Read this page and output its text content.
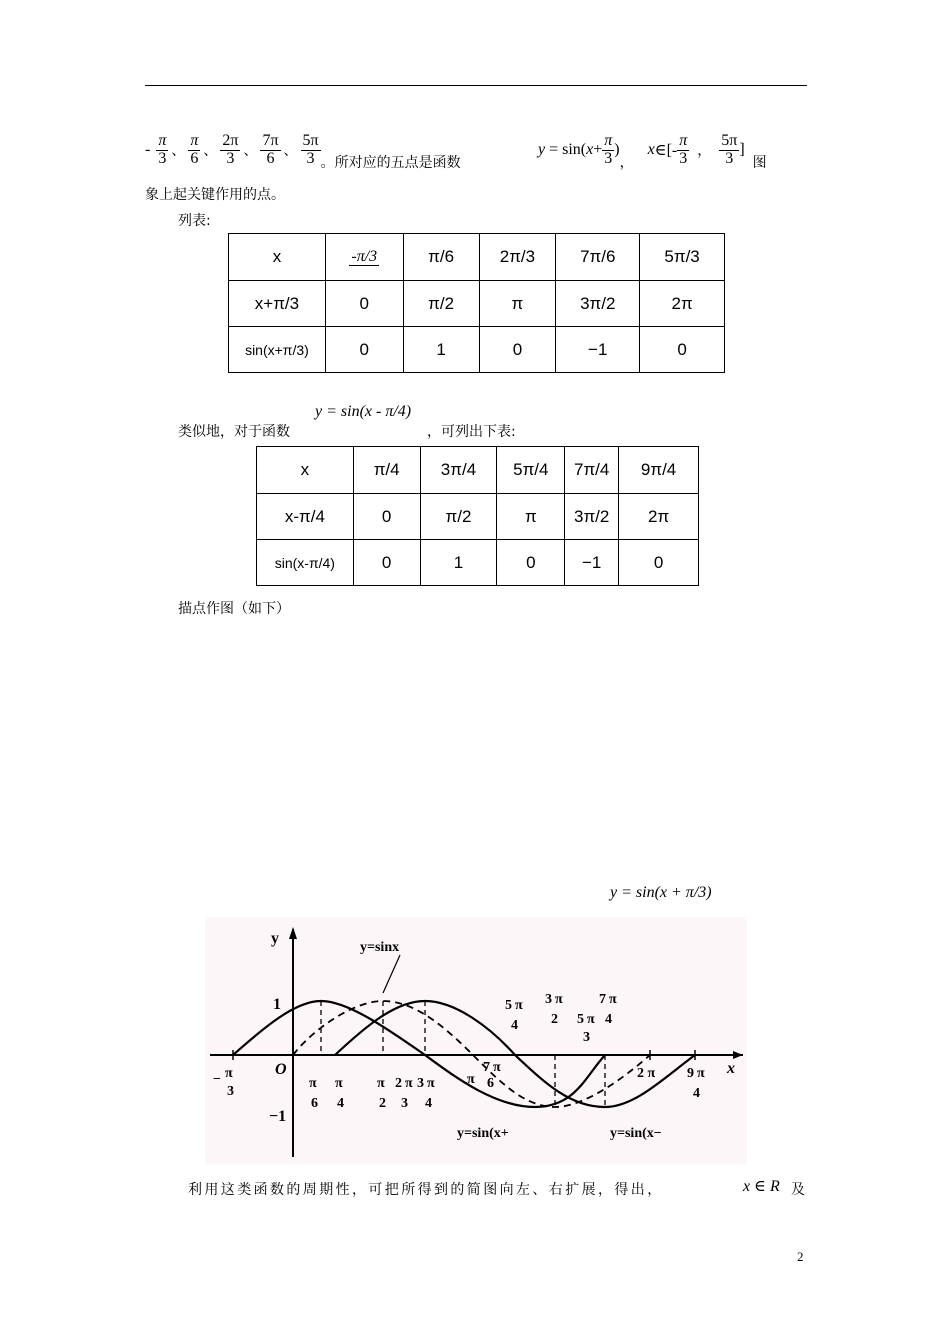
- $\frac{\pi}{3}$ 、 $\frac{\pi}{6}$ 、 $\frac{2\pi}{3}$ 、 $\frac{7\pi}{6}$ 、 $\frac{5\pi}{3}$ 。所对应的五点是函数
y = sin( $x + \frac{\pi}{3}$ )
，
x ∈[- $\frac{\pi}{3}$ ， $\frac{5\pi}{3}$ ]
图
象上起关键作用的点。
列表:
x	-π/3	π/6	2π/3	7π/6	5π/3
x+π/3	0	π/2	π	3π/2	2π
sin(x+π/3)	0	1	0	−1	0
类似地，对于函数
y = sin(x - π/4)
，可列出下表:
x	π/4	3π/4	5π/4	7π/4	9π/4
x-π/4	0	π/2	π	3π/2	2π
sin(x-π/4)	0	1	0	−1	0
描点作图（如下）
y = sin(x + π/3)
y
x
O
1
−1
y=sinx
y=sin(x+	y=sin(x−
− π
3
π
6
π
4
π
2
2 π
3
3 π
4
π
7 π
6
2 π 9 π
4
5 π
4
3 π
2 5 π
3
7 π
4
利用这类函数的周期性，可把所得到的简图向左、右扩展，得出，	x ∈ R 及
2
